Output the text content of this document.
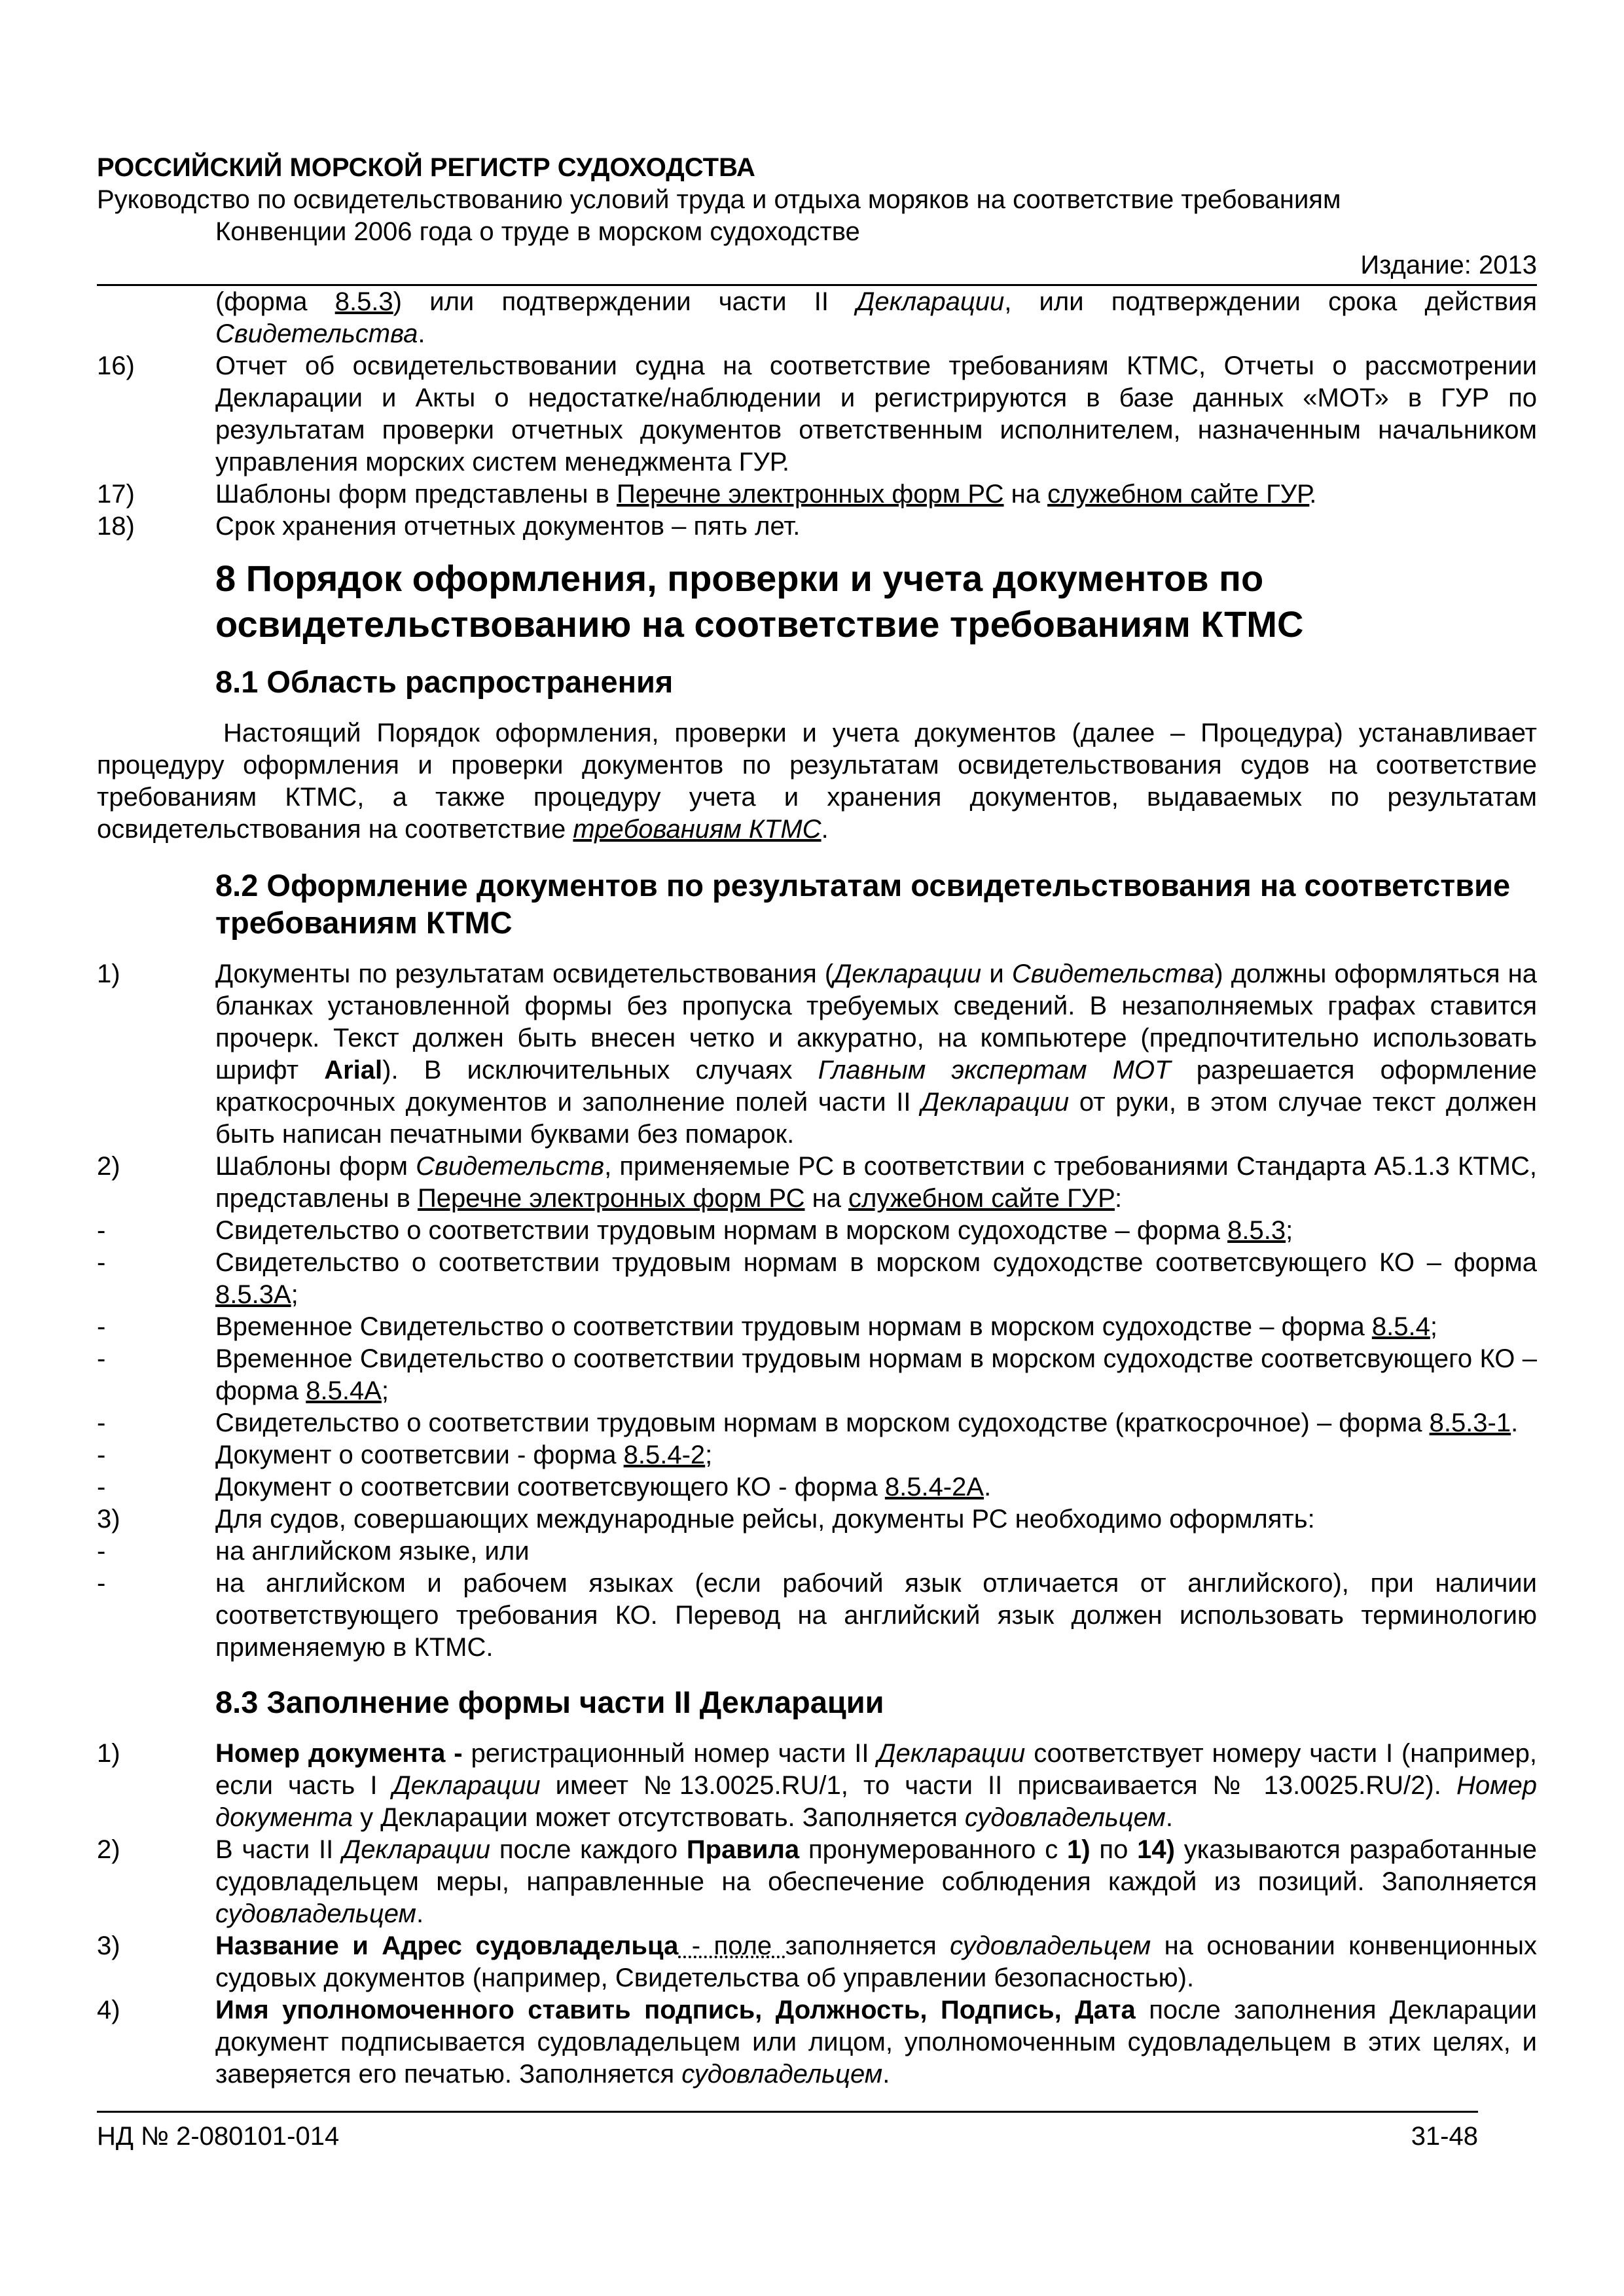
РОССИЙСКИЙ МОРСКОЙ РЕГИСТР СУДОХОДСТВА
Руководство по освидетельствованию условий труда и отдыха моряков на соответствие требованиям
Конвенции 2006 года о труде в морском судоходстве
Издание: 2013
(форма 8.5.3) или подтверждении части II Декларации, или подтверждении срока действия Свидетельства.
16)	Отчет об освидетельствовании судна на соответствие требованиям КТМС, Отчеты о рассмотрении Декларации и Акты о недостатке/наблюдении и регистрируются в базе данных «МОТ» в ГУР по результатам проверки отчетных документов ответственным исполнителем, назначенным начальником управления морских систем менеджмента ГУР.
17)	Шаблоны форм представлены в Перечне электронных форм РС на служебном сайте ГУР.
18)	Срок хранения отчетных документов – пять лет.
8 Порядок оформления, проверки и учета документов по освидетельствованию на соответствие требованиям КТМС
8.1 Область распространения
Настоящий Порядок оформления, проверки и учета документов (далее – Процедура) устанавливает процедуру оформления и проверки документов по результатам освидетельствования судов на соответствие требованиям КТМС, а также процедуру учета и хранения документов, выдаваемых по результатам освидетельствования на соответствие требованиям КТМС.
8.2 Оформление документов по результатам освидетельствования на соответствие требованиям КТМС
1)	Документы по результатам освидетельствования (Декларации и Свидетельства) должны оформляться на бланках установленной формы без пропуска требуемых сведений. В незаполняемых графах ставится прочерк. Текст должен быть внесен четко и аккуратно, на компьютере (предпочтительно использовать шрифт Arial). В исключительных случаях Главным экспертам МОТ разрешается оформление краткосрочных документов и заполнение полей части II Декларации от руки, в этом случае текст должен быть написан печатными буквами без помарок.
2)	Шаблоны форм Свидетельств, применяемые РС в соответствии с требованиями Стандарта А5.1.3 КТМС, представлены в Перечне электронных форм РС на служебном сайте ГУР:
-	Свидетельство о соответствии трудовым нормам в морском судоходстве – форма 8.5.3;
-	Свидетельство о соответствии трудовым нормам в морском судоходстве соответсвующего КО – форма 8.5.3А;
-	Временное Свидетельство о соответствии трудовым нормам в морском судоходстве – форма 8.5.4;
-	Временное Свидетельство о соответствии трудовым нормам в морском судоходстве соответсвующего КО – форма 8.5.4А;
-	Свидетельство о соответствии трудовым нормам в морском судоходстве (краткосрочное) – форма 8.5.3-1.
-	Документ о соответсвии - форма 8.5.4-2;
-	Документ о соответсвии соответсвующего КО - форма 8.5.4-2А.
3)	Для судов, совершающих международные рейсы, документы РС необходимо оформлять:
-	на английском языке, или
-	на английском и рабочем языках (если рабочий язык отличается от английского), при наличии соответствующего требования КО. Перевод на английский язык должен использовать терминологию применяемую в КТМС.
8.3 Заполнение формы части II Декларации
1)	Номер документа - регистрационный номер части II Декларации соответствует номеру части I (например, если часть I Декларации имеет №13.0025.RU/1, то части II присваивается № 13.0025.RU/2). Номер документа у Декларации может отсутствовать. Заполняется судовладельцем.
2)	В части II Декларации после каждого Правила пронумерованного с 1) по 14) указываются разработанные судовладельцем меры, направленные на обеспечение соблюдения каждой из позиций. Заполняется судовладельцем.
3)	Название и Адрес судовладельца - поле заполняется судовладельцем на основании конвенционных судовых документов (например, Свидетельства об управлении безопасностью).
4)	Имя уполномоченного ставить подпись, Должность, Подпись, Дата после заполнения Декларации документ подписывается судовладельцем или лицом, уполномоченным судовладельцем в этих целях, и заверяется его печатью. Заполняется судовладельцем.
НД № 2-080101-014	31-48
